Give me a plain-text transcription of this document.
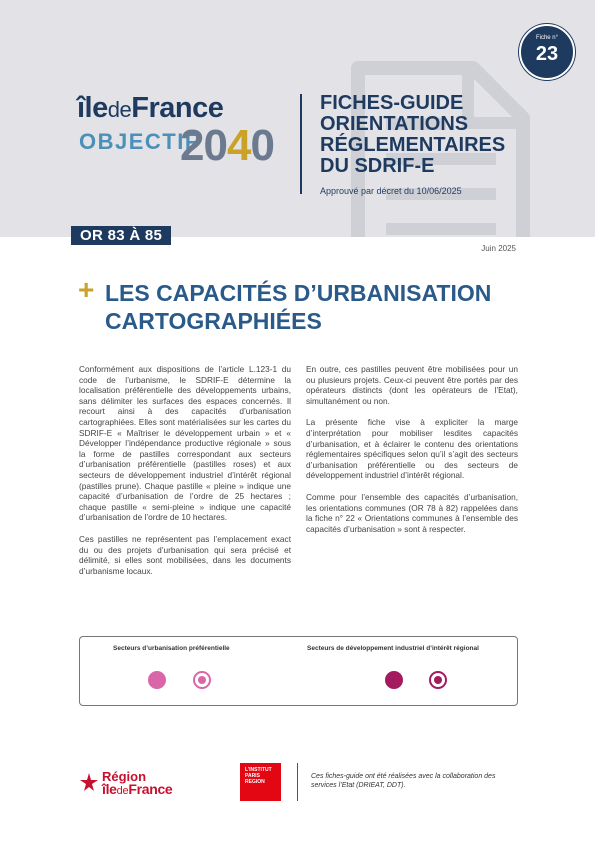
Fiche n°
23
îledeFrance
OBJECTIF
2040
FICHES-GUIDE
ORIENTATIONS
RÉGLEMENTAIRES
DU SDRIF-E
Approuvé par décret du 10/06/2025
OR 83 À 85
Juin 2025
+ LES CAPACITÉS D’URBANISATION
CARTOGRAPHIÉES

Conformément aux dispositions de l’article L.123-1 du code de l’urbanisme, le SDRIF-E détermine la localisation préférentielle des développements urbains, sans délimiter les surfaces des espaces concernés. Il recourt ainsi à des capacités d’urbanisation cartographiées. Elles sont matérialisées sur les cartes du SDRIF-E « Maîtriser le développement urbain » et « Développer l’indépendance productive régionale » sous la forme de pastilles correspondant aux secteurs d’urbanisation préférentielle (pastilles roses) et aux secteurs de développement industriel d’intérêt régional (pastilles prune). Chaque pastille « pleine » indique une capacité d’urbanisation de l’ordre de 25 hectares ; chaque pastille « semi-pleine » indique une capacité d’urbanisation de l’ordre de 10 hectares.

Ces pastilles ne représentent pas l’emplacement exact du ou des projets d’urbanisation qui sera précisé et délimité, si elles sont mobilisées, dans les documents d’urbanisme locaux.

En outre, ces pastilles peuvent être mobilisées pour un ou plusieurs projets. Ceux-ci peuvent être portés par des opérateurs distincts (dont les opérateurs de l’Etat), simultanément ou non.

La présente fiche vise à expliciter la marge d’interprétation pour mobiliser lesdites capacités d’urbanisation, et à éclairer le contenu des orientations réglementaires spécifiques selon qu’il s’agit des secteurs d’urbanisation préférentielle ou des secteurs de développement industriel d’intérêt régional.

Comme pour l’ensemble des capacités d’urbanisation, les orientations communes (OR 78 à 82) rappelées dans la fiche n° 22 « Orientations communes à l’ensemble des capacités d’urbanisation » sont à respecter.

Secteurs d’urbanisation préférentielle	Secteurs de développement industriel d’intérêt régional
Région
îledeFrance
L’INSTITUT
PARIS
REGION
Ces fiches-guide ont été réalisées avec la collaboration des services l’Etat (DRIEAT, DDT).
